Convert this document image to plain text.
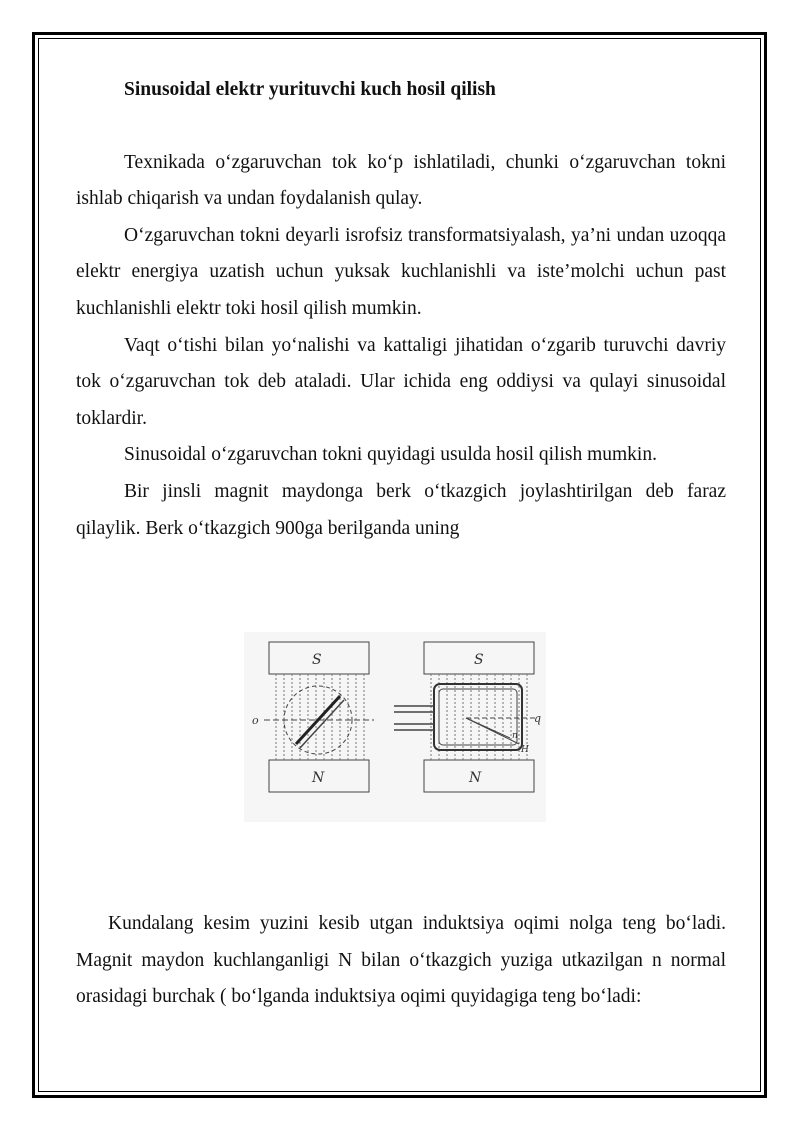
Sinusoidal elektr yurituvchi kuch hosil qilish

Texnikada o‘zgaruvchan tok ko‘p ishlatiladi, chunki o‘zgaruvchan tokni ishlab chiqarish va undan foydalanish qulay.

O‘zgaruvchan tokni deyarli isrofsiz transformatsiyalash, ya’ni undan uzoqqa elektr energiya uzatish uchun yuksak kuchlanishli va iste’molchi uchun past kuchlanishli elektr toki hosil qilish mumkin.

Vaqt o‘tishi bilan yo‘nalishi va kattaligi jihatidan o‘zgarib turuvchi davriy tok o‘zgaruvchan tok deb ataladi. Ular ichida eng oddiysi va qulayi sinusoidal toklardir.

Sinusoidal o‘zgaruvchan tokni quyidagi usulda hosil qilish mumkin.

Bir jinsli magnit maydonga berk o‘tkazgich joylashtirilgan deb faraz qilaylik. Berk o‘tkazgich 900ga berilganda uning

S
N
o
S
N
q
n
H

Kundalang kesim yuzini kesib utgan induktsiya oqimi nolga teng bo‘ladi. Magnit maydon kuchlanganligi N bilan o‘tkazgich yuziga utkazilgan n normal orasidagi burchak ( bo‘lganda induktsiya oqimi quyidagiga teng bo‘ladi:
